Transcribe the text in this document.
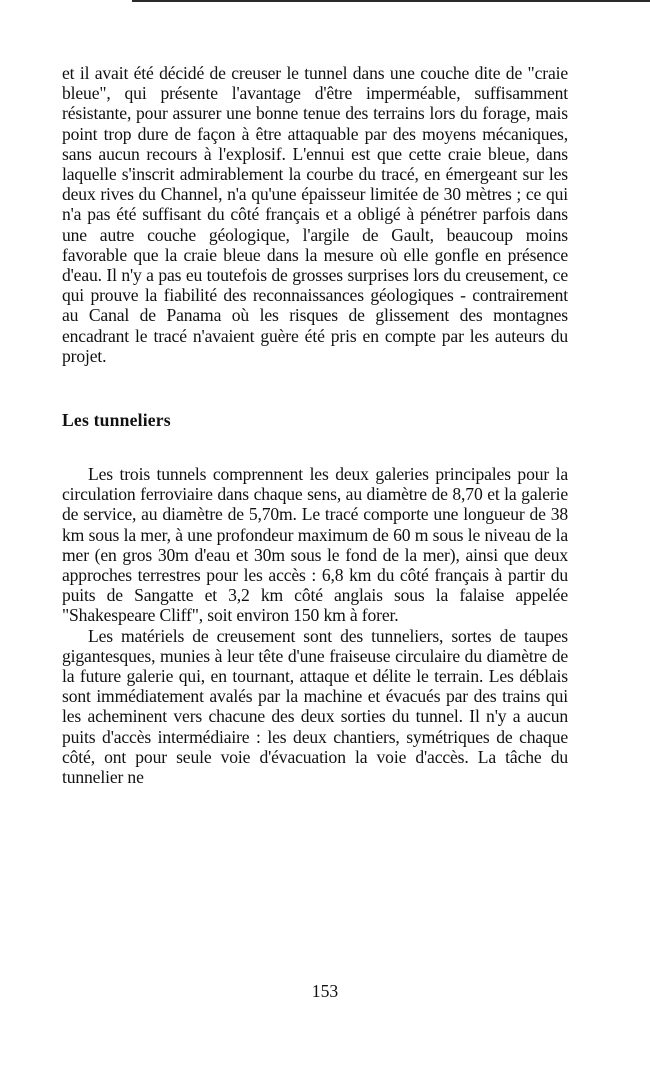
et il avait été décidé de creuser le tunnel dans une couche dite de "craie bleue", qui présente l'avantage d'être imperméable, suffisamment résistante, pour assurer une bonne tenue des terrains lors du forage, mais point trop dure de façon à être attaquable par des moyens mécaniques, sans aucun recours à l'explosif. L'ennui est que cette craie bleue, dans laquelle s'inscrit admirablement la courbe du tracé, en émergeant sur les deux rives du Channel, n'a qu'une épaisseur limitée de 30 mètres ; ce qui n'a pas été suffisant du côté français et a obligé à pénétrer parfois dans une autre couche géologique, l'argile de Gault, beaucoup moins favorable que la craie bleue dans la mesure où elle gonfle en présence d'eau. Il n'y a pas eu toutefois de grosses surprises lors du creusement, ce qui prouve la fiabilité des reconnaissances géologiques - contrairement au Canal de Panama où les risques de glissement des montagnes encadrant le tracé n'avaient guère été pris en compte par les auteurs du projet.

Les tunneliers

Les trois tunnels comprennent les deux galeries principales pour la circulation ferroviaire dans chaque sens, au diamètre de 8,70 et la galerie de service, au diamètre de 5,70m. Le tracé comporte une longueur de 38 km sous la mer, à une profondeur maximum de 60 m sous le niveau de la mer (en gros 30m d'eau et 30m sous le fond de la mer), ainsi que deux approches terrestres pour les accès : 6,8 km du côté français à partir du puits de Sangatte et 3,2 km côté anglais sous la falaise appelée "Shakespeare Cliff", soit environ 150 km à forer.

Les matériels de creusement sont des tunneliers, sortes de taupes gigantesques, munies à leur tête d'une fraiseuse circulaire du diamètre de la future galerie qui, en tournant, attaque et délite le terrain. Les déblais sont immédiatement avalés par la machine et évacués par des trains qui les acheminent vers chacune des deux sorties du tunnel. Il n'y a aucun puits d'accès intermédiaire : les deux chantiers, symétriques de chaque côté, ont pour seule voie d'évacuation la voie d'accès. La tâche du tunnelier ne

153
